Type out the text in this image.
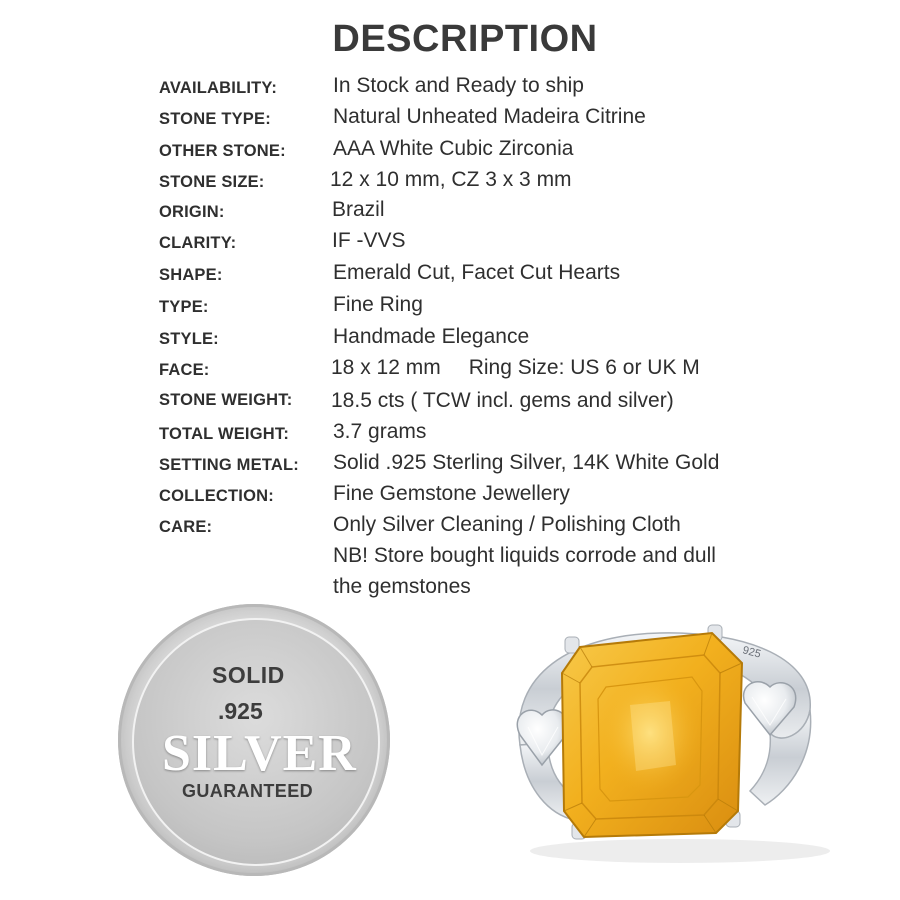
DESCRIPTION
AVAILABILITY:	In Stock and Ready to ship
STONE TYPE:	Natural Unheated Madeira Citrine
OTHER STONE: AAA White Cubic Zirconia
STONE SIZE:	12 x 10 mm, CZ 3 x 3 mm
ORIGIN:	Brazil
CLARITY:	IF -VVS
SHAPE:	Emerald Cut, Facet Cut Hearts
TYPE:	Fine Ring
STYLE:	Handmade Elegance
FACE:	18 x 12 mm Ring Size: US 6 or UK M
STONE WEIGHT: 18.5 cts ( TCW incl. gems and silver)
TOTAL WEIGHT: 3.7 grams
SETTING METAL: Solid .925 Sterling Silver, 14K White Gold
COLLECTION:	Fine Gemstone Jewellery
CARE:	Only Silver Cleaning / Polishing Cloth
NB! Store bought liquids corrode and dull
the gemstones
SOLID
.925
SILVER
GUARANTEED
925
